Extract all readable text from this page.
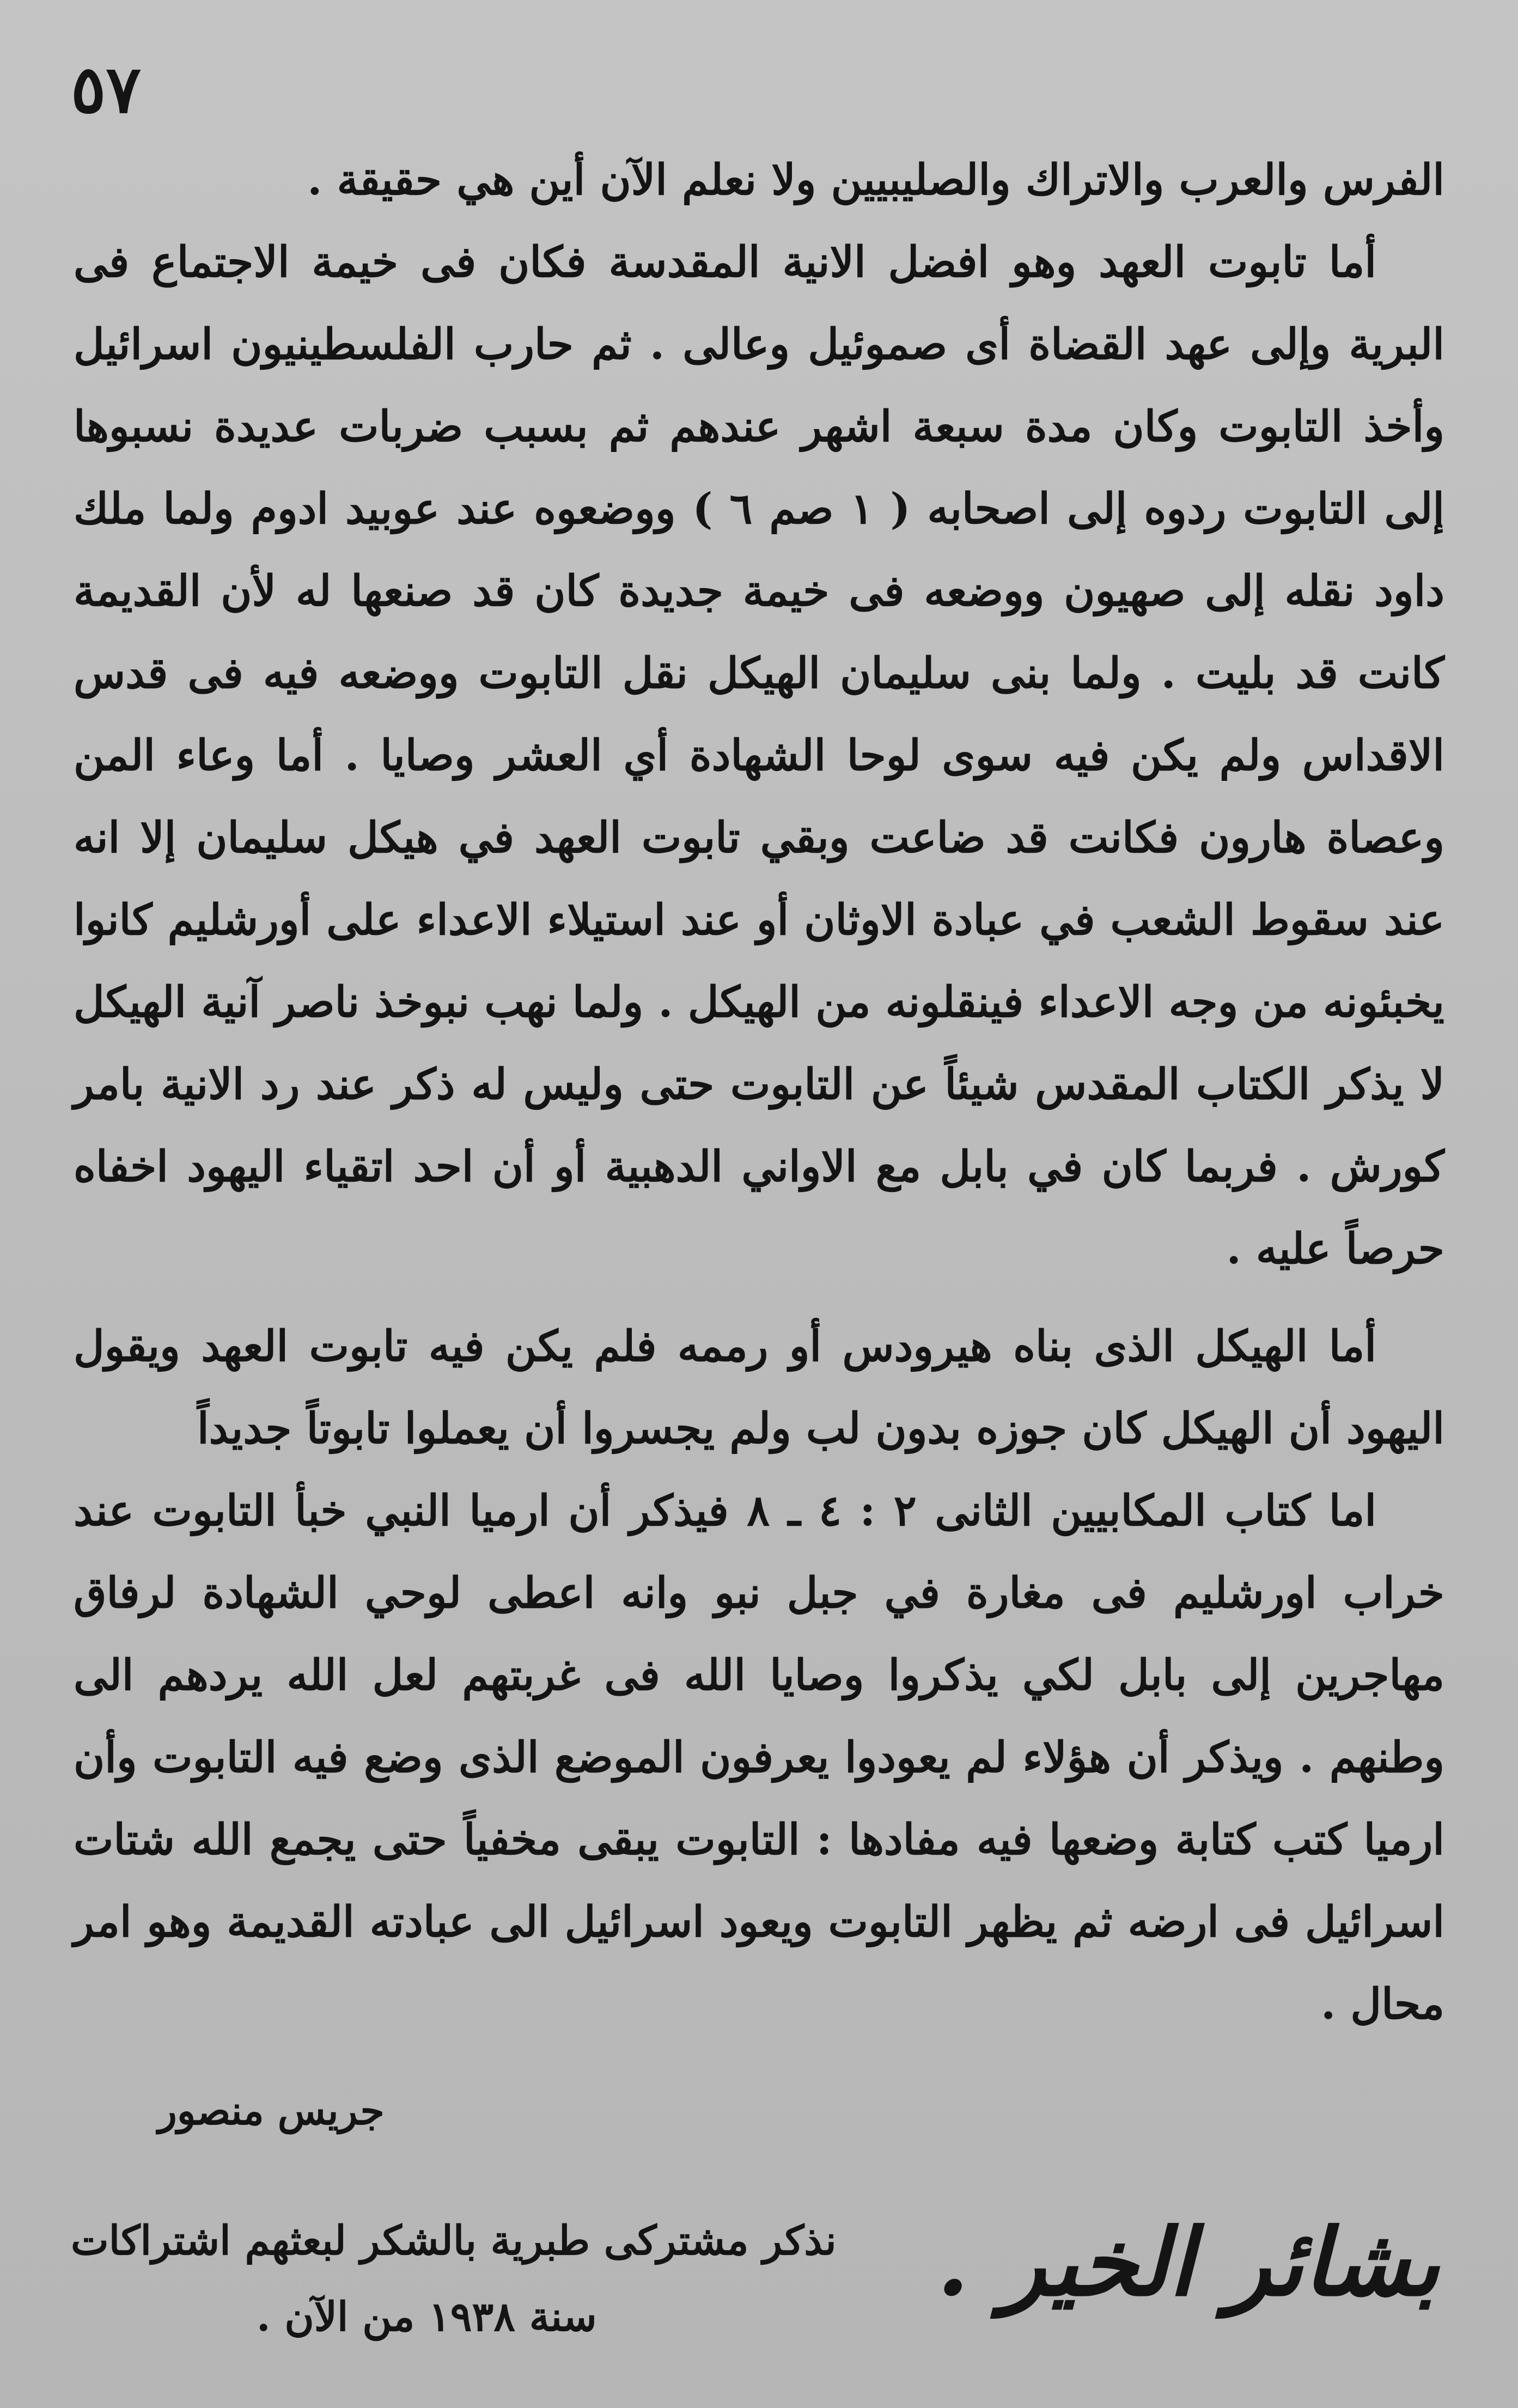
٥٧

الفرس والعرب والاتراك والصليبيين ولا نعلم الآن أين هي حقيقة .

أما تابوت العهد وهو افضل الانية المقدسة فكان فى خيمة الاجتماع فى البرية وإلى عهد القضاة أى صموئيل وعالى . ثم حارب الفلسطينيون اسرائيل وأخذ التابوت وكان مدة سبعة اشهر عندهم ثم بسبب ضربات عديدة نسبوها إلى التابوت ردوه إلى اصحابه ( ١ صم ٦ ) ووضعوه عند عوبيد ادوم ولما ملك داود نقله إلى صهيون ووضعه فى خيمة جديدة كان قد صنعها له لأن القديمة كانت قد بليت . ولما بنى سليمان الهيكل نقل التابوت ووضعه فيه فى قدس الاقداس ولم يكن فيه سوى لوحا الشهادة أي العشر وصايا . أما وعاء المن وعصاة هارون فكانت قد ضاعت وبقي تابوت العهد في هيكل سليمان إلا انه عند سقوط الشعب في عبادة الاوثان أو عند استيلاء الاعداء على أورشليم كانوا يخبئونه من وجه الاعداء فينقلونه من الهيكل . ولما نهب نبوخذ ناصر آنية الهيكل لا يذكر الكتاب المقدس شيئاً عن التابوت حتى وليس له ذكر عند رد الانية بامر كورش . فربما كان في بابل مع الاواني الدهبية أو أن احد اتقياء اليهود اخفاه حرصاً عليه .

أما الهيكل الذى بناه هيرودس أو رممه فلم يكن فيه تابوت العهد ويقول اليهود أن الهيكل كان جوزه بدون لب ولم يجسروا أن يعملوا تابوتاً جديداً

اما كتاب المكابيين الثانى ٢ : ٤ ـ ٨ فيذكر أن ارميا النبي خبأ التابوت عند خراب اورشليم فى مغارة في جبل نبو وانه اعطى لوحي الشهادة لرفاق مهاجرين إلى بابل لكي يذكروا وصايا الله فى غربتهم لعل الله يردهم الى وطنهم . ويذكر أن هؤلاء لم يعودوا يعرفون الموضع الذى وضع فيه التابوت وأن ارميا كتب كتابة وضعها فيه مفادها : التابوت يبقى مخفياً حتى يجمع الله شتات اسرائيل فى ارضه ثم يظهر التابوت ويعود اسرائيل الى عبادته القديمة وهو امر محال .

جريس منصور
نذكر مشتركى طبرية بالشكر لبعثهم اشتراكات
سنة ١٩٣٨ من الآن .	بشائر الخير .
